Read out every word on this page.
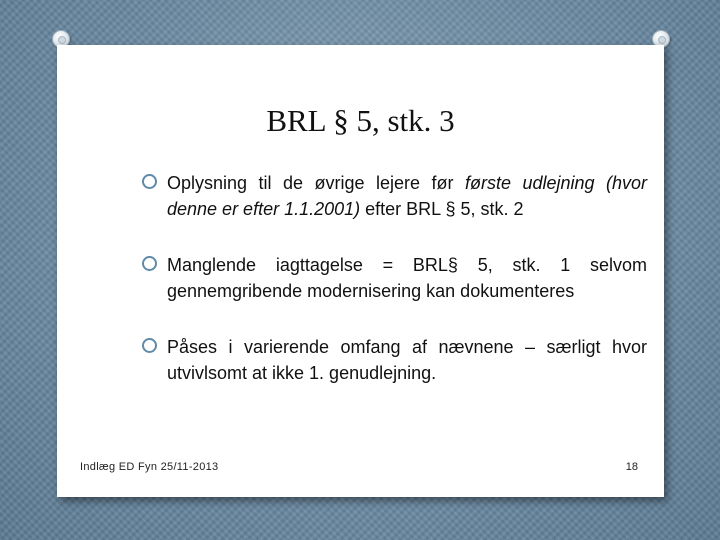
BRL § 5, stk. 3
Oplysning til de øvrige lejere før første udlejning (hvor denne er efter 1.1.2001) efter BRL § 5, stk. 2
Manglende iagttagelse = BRL§ 5, stk. 1 selvom gennemgribende modernisering kan dokumenteres
Påses i varierende omfang af nævnene – særligt hvor utvivlsomt at ikke 1. genudlejning.
Indlæg ED Fyn 25/11-2013	18
